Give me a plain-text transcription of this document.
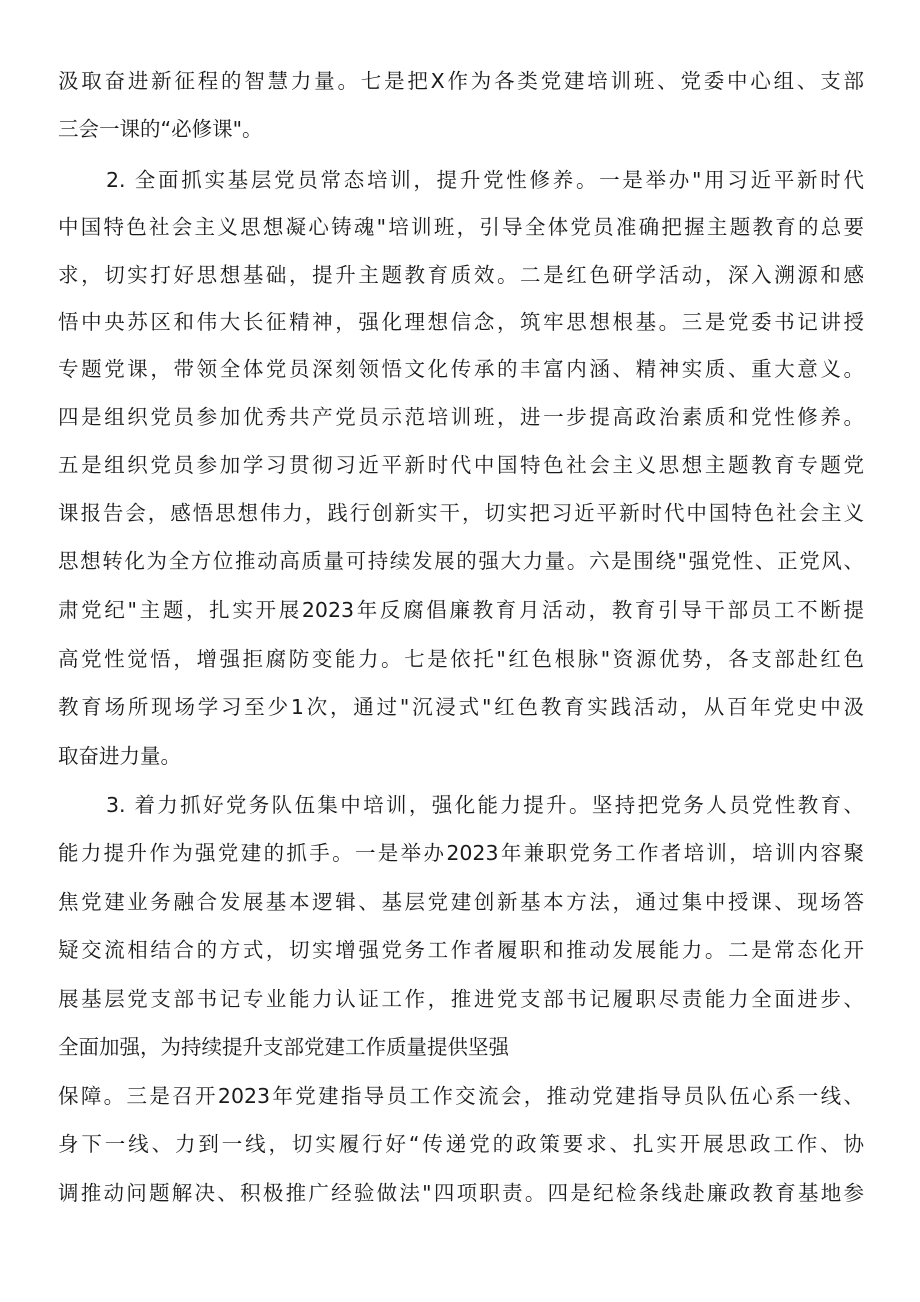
汲取奋进新征程的智慧力量。七是把X作为各类党建培训班、党委中心组、支部
三会一课的“必修课"。
2. 全面抓实基层党员常态培训，提升党性修养。一是举办"用习近平新时代
中国特色社会主义思想凝心铸魂"培训班，引导全体党员准确把握主题教育的总要
求，切实打好思想基础，提升主题教育质效。二是红色研学活动，深入溯源和感
悟中央苏区和伟大长征精神，强化理想信念，筑牢思想根基。三是党委书记讲授
专题党课，带领全体党员深刻领悟文化传承的丰富内涵、精神实质、重大意义。
四是组织党员参加优秀共产党员示范培训班，进一步提高政治素质和党性修养。
五是组织党员参加学习贯彻习近平新时代中国特色社会主义思想主题教育专题党
课报告会，感悟思想伟力，践行创新实干，切实把习近平新时代中国特色社会主义
思想转化为全方位推动高质量可持续发展的强大力量。六是围绕"强党性、正党风、
肃党纪"主题，扎实开展2023年反腐倡廉教育月活动，教育引导干部员工不断提
高党性觉悟，增强拒腐防变能力。七是依托"红色根脉"资源优势，各支部赴红色
教育场所现场学习至少1次，通过"沉浸式"红色教育实践活动，从百年党史中汲
取奋进力量。
3. 着力抓好党务队伍集中培训，强化能力提升。坚持把党务人员党性教育、
能力提升作为强党建的抓手。一是举办2023年兼职党务工作者培训，培训内容聚
焦党建业务融合发展基本逻辑、基层党建创新基本方法，通过集中授课、现场答
疑交流相结合的方式，切实增强党务工作者履职和推动发展能力。二是常态化开
展基层党支部书记专业能力认证工作，推进党支部书记履职尽责能力全面进步、
全面加强，为持续提升支部党建工作质量提供坚强
保障。三是召开2023年党建指导员工作交流会，推动党建指导员队伍心系一线、
身下一线、力到一线，切实履行好“传递党的政策要求、扎实开展思政工作、协
调推动问题解决、积极推广经验做法"四项职责。四是纪检条线赴廉政教育基地参
